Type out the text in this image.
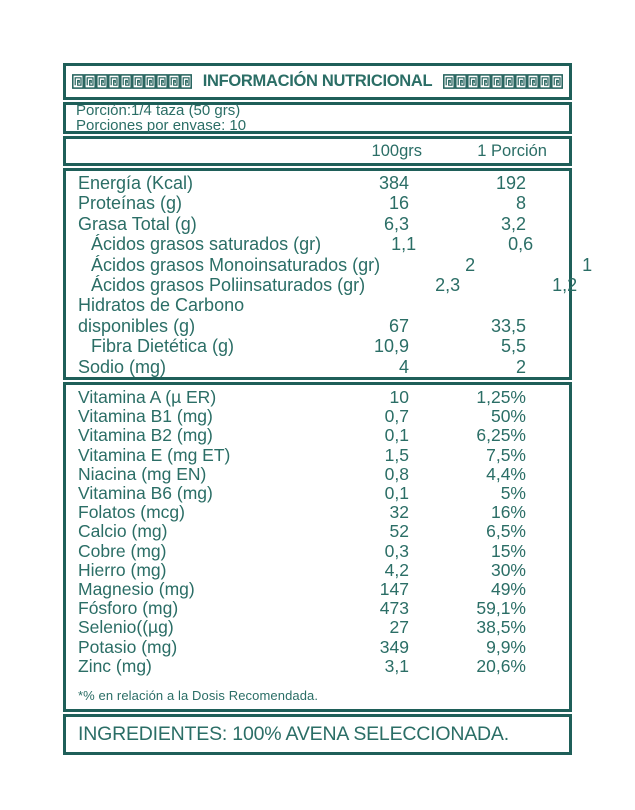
INFORMACIÓN NUTRICIONAL
Porción:1/4 taza (50 grs)
Porciones por envase: 10
100grs	1 Porción
Energía (Kcal)	384	192
Proteínas (g)	16	8
Grasa Total (g)	6,3	3,2
Ácidos grasos saturados (gr)	1,1	0,6
Ácidos grasos Monoinsaturados (gr)	2	1
Ácidos grasos Poliinsaturados (gr)	2,3	1,2
Hidratos de Carbono
disponibles (g)	67	33,5
Fibra Dietética (g)	10,9	5,5
Sodio (mg)	4	2
Vitamina A (µ ER)	10	1,25%
Vitamina B1 (mg)	0,7	50%
Vitamina B2 (mg)	0,1	6,25%
Vitamina E (mg ET)	1,5	7,5%
Niacina (mg EN)	0,8	4,4%
Vitamina B6 (mg)	0,1	5%
Folatos (mcg)	32	16%
Calcio (mg)	52	6,5%
Cobre (mg)	0,3	15%
Hierro (mg)	4,2	30%
Magnesio (mg)	147	49%
Fósforo (mg)	473	59,1%
Selenio((µg)	27	38,5%
Potasio (mg)	349	9,9%
Zinc (mg)	3,1	20,6%
*% en relación a la Dosis Recomendada.
INGREDIENTES: 100% AVENA SELECCIONADA.
